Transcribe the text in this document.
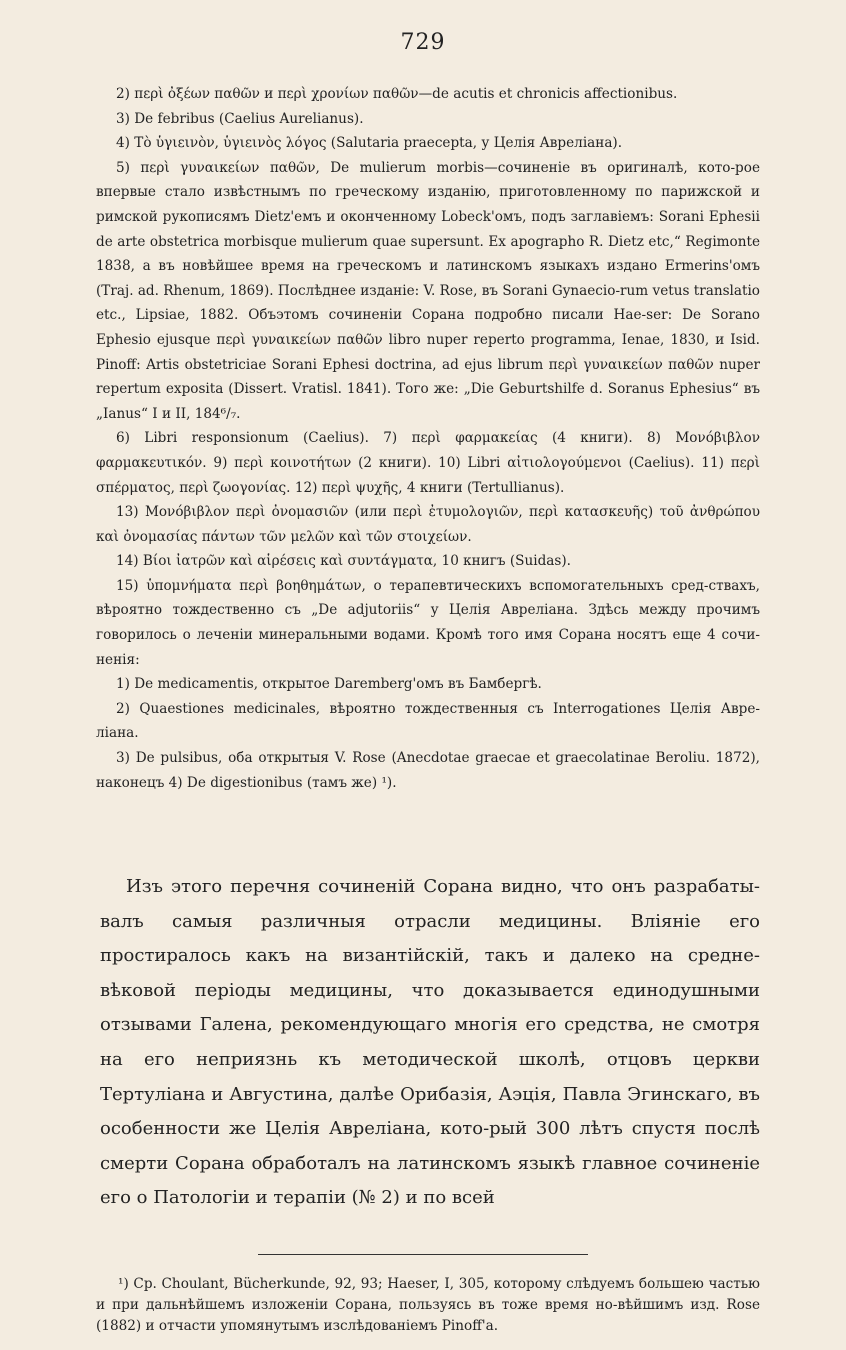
729

2) περὶ ὀξέων παθῶν и περὶ χρονίων παθῶν—de acutis et chronicis affectionibus.

3) De febribus (Caelius Aurelianus).

4) Τὸ ὑγιεινὸν, ὑγιεινὸς λόγος (Salutaria praecepta, у Целія Авреліана).

5) περὶ γυναικείων παθῶν, De mulierum morbis—сочиненіе въ оригиналѣ, кото-рое впервые стало извѣстнымъ по греческому изданію, приготовленному по парижской и римской рукописямъ Dietz'емъ и оконченному Lobeck'омъ, подъ заглавіемъ: Sorani Ephesii de arte obstetrica morbisque mulierum quae supersunt. Ex apographo R. Dietz etc,“ Regimonte 1838, а въ новѣйшее время на греческомъ и латинскомъ языкахъ издано Ermerins'омъ (Traj. ad. Rhenum, 1869). Послѣднее изданіе: V. Rose, въ Sorani Gynaecio-rum vetus translatio etc., Lipsiae, 1882. Объэтомъ сочиненіи Сорана подробно писали Нае-ser: De Sorano Ephesio ejusque περὶ γυναικείων παθῶν libro nuper reperto programma, Ienae, 1830, и Isid. Pinoff: Artis obstetriciae Sorani Ephesi doctrina, ad ejus librum περὶ γυναικείων παθῶν nuper repertum exposita (Dissert. Vratisl. 1841). Того же: „Die Geburtshilfe d. Soranus Ephesius“ въ „Ianus“ I и II, 184⁶/₇.

6) Libri responsionum (Caelius). 7) περὶ φαρμακείας (4 книги). 8) Μονόβιβλον φαρμακευτικόν. 9) περὶ κοινοτήτων (2 книги). 10) Libri αἰτιολογούμενοι (Caelius). 11) περὶ σπέρματος, περὶ ζωογονίας. 12) περὶ ψυχῆς, 4 книги (Tertullianus).

13) Μονόβιβλον περὶ ὀνομασιῶν (или περὶ ἐτυμολογιῶν, περὶ κατασκευῆς) τοῦ ἀνθρώπου καὶ ὀνομασίας πάντων τῶν μελῶν καὶ τῶν στοιχείων.

14) Βίοι ἰατρῶν καὶ αἱρέσεις καὶ συντάγματα, 10 книгъ (Suidas).

15) ὑπομνήματα περὶ βοηθημάτων, о терапевтическихъ вспомогательныхъ сред-ствахъ, вѣроятно тождественно съ „De adjutoriis“ у Целія Авреліана. Здѣсь между прочимъ говорилось о леченіи минеральными водами. Кромѣ того имя Сорана носятъ еще 4 сочи-ненія:

1) De medicamentis, открытое Daremberg'омъ въ Бамбергѣ.

2) Quaestiones medicinales, вѣроятно тождественныя съ Interrogationes Целія Авре-ліана.

3) De pulsibus, оба открытыя V. Rose (Anecdotae graecae et graecolatinae Beroliu. 1872), наконецъ 4) De digestionibus (тамъ же) ¹).

Изъ этого перечня сочиненій Сорана видно, что онъ разрабаты-валъ самыя различныя отрасли медицины. Вліяніе его простиралось какъ на византійскій, такъ и далеко на средне-вѣковой періоды медицины, что доказывается единодушными отзывами Галена, рекомендующаго многія его средства, не смотря на его неприязнь къ методической школѣ, отцовъ церкви Тертуліана и Августина, далѣе Орибазія, Аэція, Павла Эгинскаго, въ особенности же Целія Авреліана, кото-рый 300 лѣтъ спустя послѣ смерти Сорана обработалъ на латинскомъ языкѣ главное сочиненіе его о Патологіи и терапіи (№ 2) и по всей

¹) Ср. Choulant, Bücherkunde, 92, 93; Haeser, I, 305, которому слѣдуемъ большею частью и при дальнѣйшемъ изложеніи Сорана, пользуясь въ тоже время но-вѣйшимъ изд. Rose (1882) и отчасти упомянутымъ изслѣдованіемъ Pinoff'а.
